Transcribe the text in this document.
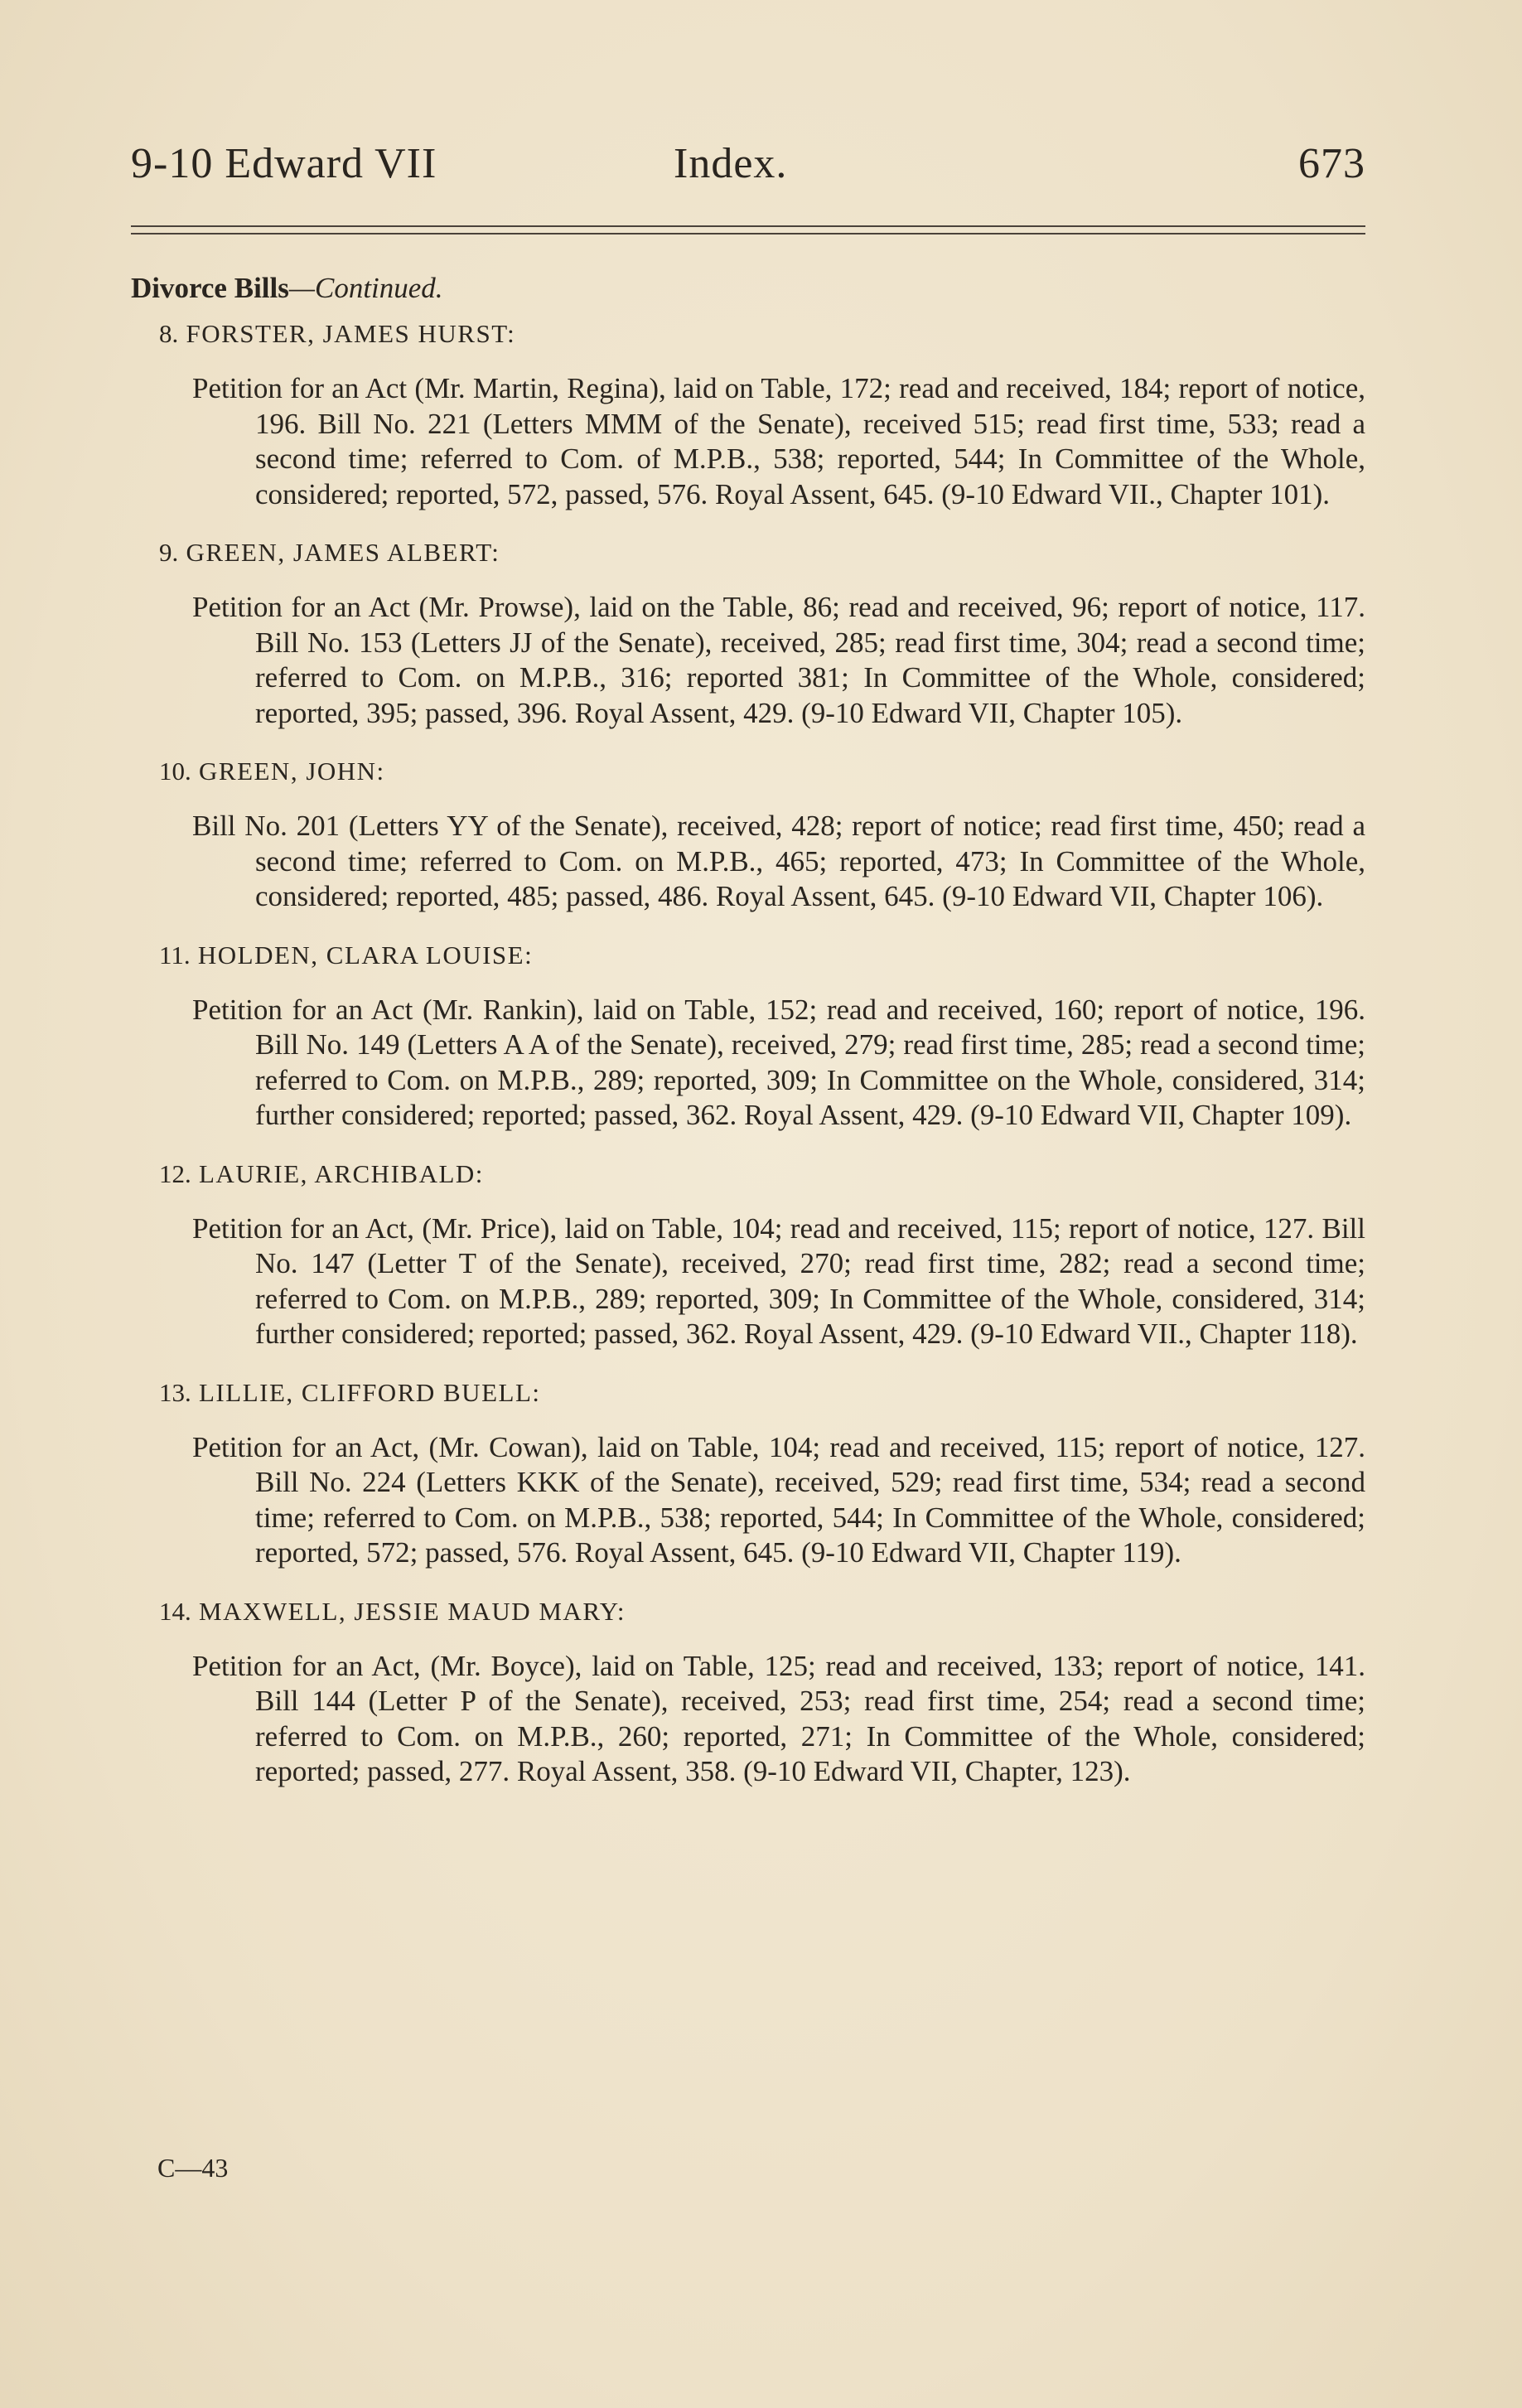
9-10 Edward VII	Index.	673
Divorce Bills—Continued.
8. FORSTER, JAMES HURST:
Petition for an Act (Mr. Martin, Regina), laid on Table, 172; read and received, 184; report of notice, 196. Bill No. 221 (Letters MMM of the Senate), received 515; read first time, 533; read a second time; referred to Com. of M.P.B., 538; reported, 544; In Committee of the Whole, considered; reported, 572, passed, 576. Royal Assent, 645. (9-10 Edward VII., Chapter 101).
9. GREEN, JAMES ALBERT:
Petition for an Act (Mr. Prowse), laid on the Table, 86; read and received, 96; report of notice, 117. Bill No. 153 (Letters JJ of the Senate), received, 285; read first time, 304; read a second time; referred to Com. on M.P.B., 316; reported 381; In Committee of the Whole, considered; reported, 395; passed, 396. Royal Assent, 429. (9-10 Edward VII, Chapter 105).
10. GREEN, JOHN:
Bill No. 201 (Letters YY of the Senate), received, 428; report of notice; read first time, 450; read a second time; referred to Com. on M.P.B., 465; reported, 473; In Committee of the Whole, considered; reported, 485; passed, 486. Royal Assent, 645. (9-10 Edward VII, Chapter 106).
11. HOLDEN, CLARA LOUISE:
Petition for an Act (Mr. Rankin), laid on Table, 152; read and received, 160; report of notice, 196. Bill No. 149 (Letters A A of the Senate), received, 279; read first time, 285; read a second time; referred to Com. on M.P.B., 289; reported, 309; In Committee on the Whole, considered, 314; further considered; reported; passed, 362. Royal Assent, 429. (9-10 Edward VII, Chapter 109).
12. LAURIE, ARCHIBALD:
Petition for an Act, (Mr. Price), laid on Table, 104; read and received, 115; report of notice, 127. Bill No. 147 (Letter T of the Senate), received, 270; read first time, 282; read a second time; referred to Com. on M.P.B., 289; reported, 309; In Committee of the Whole, considered, 314; further considered; reported; passed, 362. Royal Assent, 429. (9-10 Edward VII., Chapter 118).
13. LILLIE, CLIFFORD BUELL:
Petition for an Act, (Mr. Cowan), laid on Table, 104; read and received, 115; report of notice, 127. Bill No. 224 (Letters KKK of the Senate), received, 529; read first time, 534; read a second time; referred to Com. on M.P.B., 538; reported, 544; In Committee of the Whole, considered; reported, 572; passed, 576. Royal Assent, 645. (9-10 Edward VII, Chapter 119).
14. MAXWELL, JESSIE MAUD MARY:
Petition for an Act, (Mr. Boyce), laid on Table, 125; read and received, 133; report of notice, 141. Bill 144 (Letter P of the Senate), received, 253; read first time, 254; read a second time; referred to Com. on M.P.B., 260; reported, 271; In Committee of the Whole, considered; reported; passed, 277. Royal Assent, 358. (9-10 Edward VII, Chapter, 123).
C—43
